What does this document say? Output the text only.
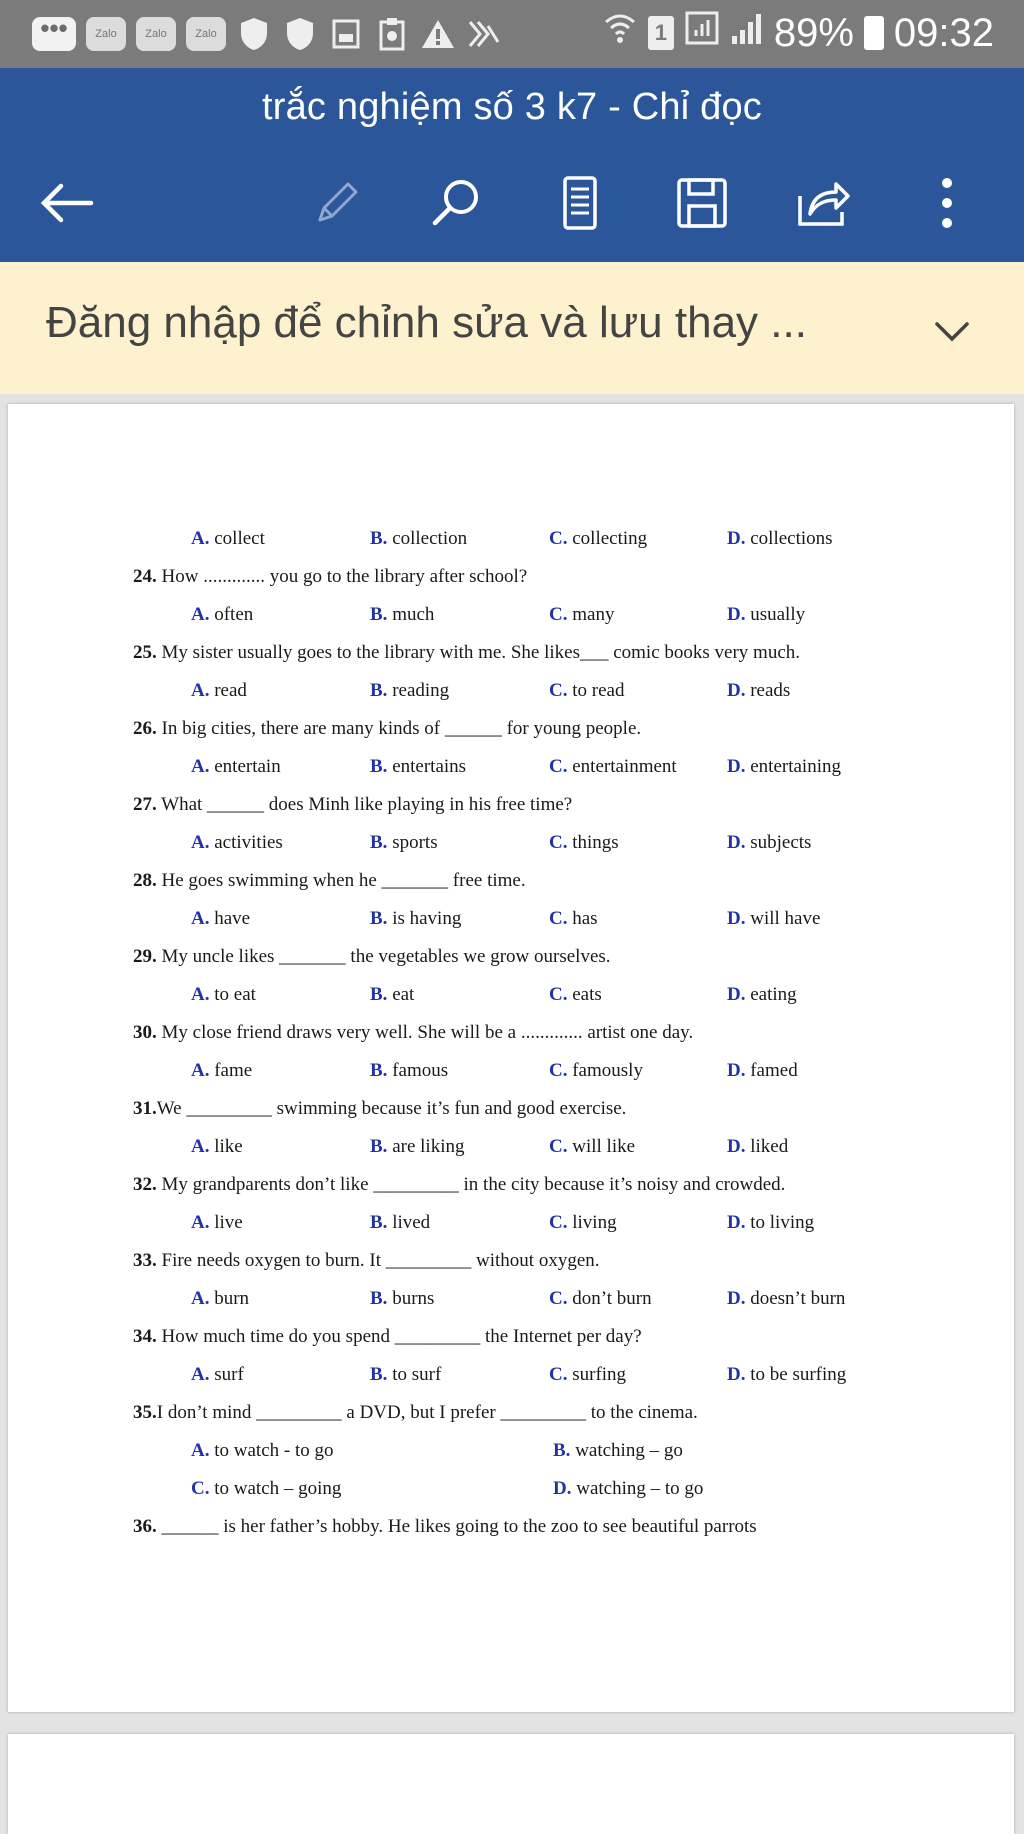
•••	Zalo	Zalo	Zalo	1	89% 09:32
trắc nghiệm số 3 k7 - Chỉ đọc
Đăng nhập để chỉnh sửa và lưu thay ...
A. collect	B. collection	C. collecting	D. collections

24. How ............. you go to the library after school?

A. often	B. much	C. many	D. usually

25. My sister usually goes to the library with me. She likes___ comic books very much.

A. read	B. reading	C. to read	D. reads

26. In big cities, there are many kinds of ______ for young people.

A. entertain	B. entertains	C. entertainment	D. entertaining

27. What ______ does Minh like playing in his free time?

A. activities	B. sports	C. things	D. subjects

28. He goes swimming when he _______ free time.

A. have	B. is having	C. has	D. will have

29. My uncle likes _______ the vegetables we grow ourselves.

A. to eat	B. eat	C. eats	D. eating

30. My close friend draws very well. She will be a ............. artist one day.

A. fame	B. famous	C. famously	D. famed

31.We _________ swimming because it’s fun and good exercise.

A. like	B. are liking	C. will like	D. liked

32. My grandparents don’t like _________ in the city because it’s noisy and crowded.

A. live	B. lived	C. living	D. to living

33. Fire needs oxygen to burn. It _________ without oxygen.

A. burn	B. burns	C. don’t burn	D. doesn’t burn

34. How much time do you spend _________ the Internet per day?

A. surf	B. to surf	C. surfing	D. to be surfing

35.I don’t mind _________ a DVD, but I prefer _________ to the cinema.

A. to watch - to go	B. watching – go
C. to watch – going	D. watching – to go

36. ______ is her father’s hobby. He likes going to the zoo to see beautiful parrots
